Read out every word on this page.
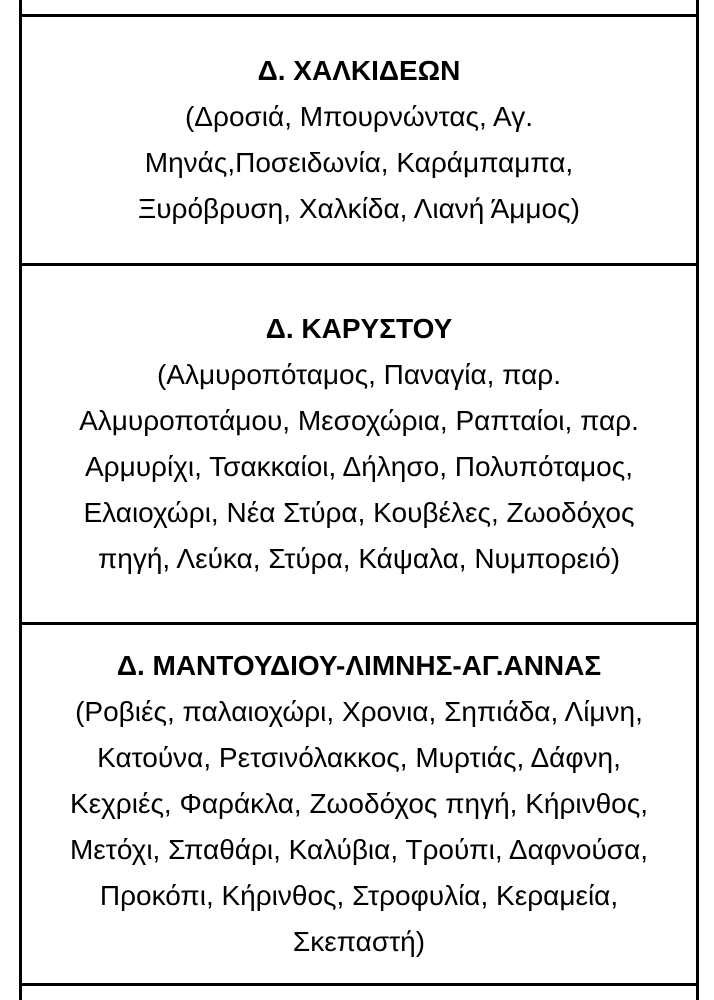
Δ. ΧΑΛΚΙΔΕΩΝ
(Δροσιά, Μπουρνώντας, Αγ.
Μηνάς,Ποσειδωνία, Καράμπαμπα,
Ξυρόβρυση, Χαλκίδα, Λιανή Άμμος)
Δ. ΚΑΡΥΣΤΟΥ
(Αλμυροπόταμος, Παναγία, παρ.
Αλμυροποτάμου, Μεσοχώρια, Ραπταίοι, παρ.
Αρμυρίχι, Τσακκαίοι, Δήλησο, Πολυπόταμος,
Ελαιοχώρι, Νέα Στύρα, Κουβέλες, Ζωοδόχος
πηγή, Λεύκα, Στύρα, Κάψαλα, Νυμπορειό)
Δ. ΜΑΝΤΟΥΔΙΟΥ-ΛΙΜΝΗΣ-ΑΓ.ΑΝΝΑΣ
(Ροβιές, παλαιοχώρι, Χρονια, Σηπιάδα, Λίμνη,
Κατούνα, Ρετσινόλακκος, Μυρτιάς, Δάφνη,
Κεχριές, Φαράκλα, Ζωοδόχος πηγή, Κήρινθος,
Μετόχι, Σπαθάρι, Καλύβια, Τρούπι, Δαφνούσα,
Προκόπι, Κήρινθος, Στροφυλία, Κεραμεία,
Σκεπαστή)
